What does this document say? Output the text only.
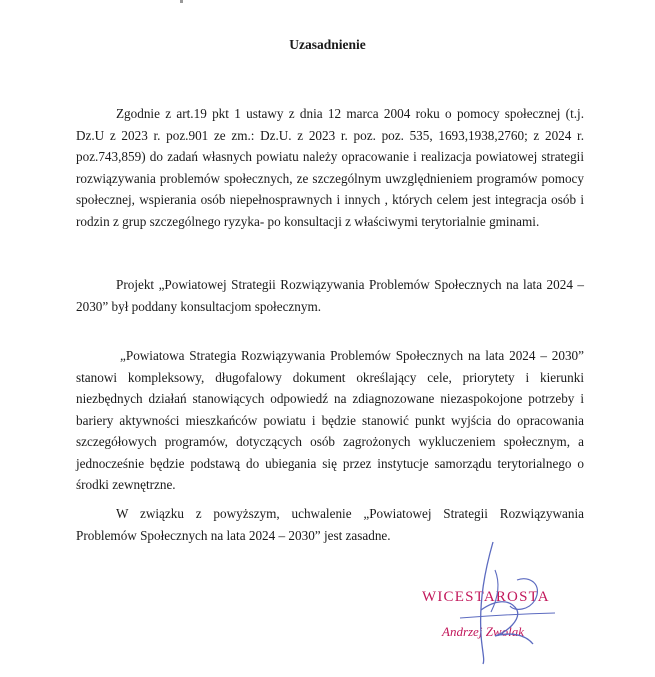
Uzasadnienie

Zgodnie z art.19 pkt 1 ustawy z dnia 12 marca 2004 roku o pomocy społecznej (t.j. Dz.U z 2023 r. poz.901 ze zm.: Dz.U. z 2023 r. poz. poz. 535, 1693,1938,2760; z 2024 r. poz.743,859) do zadań własnych powiatu należy opracowanie i realizacja powiatowej strategii rozwiązywania problemów społecznych, ze szczególnym uwzględnieniem programów pomocy społecznej, wspierania osób niepełnosprawnych i innych , których celem jest integracja osób i rodzin z grup szczególnego ryzyka- po konsultacji z właściwymi terytorialnie gminami.

Projekt „Powiatowej Strategii Rozwiązywania Problemów Społecznych na lata 2024 – 2030” był poddany konsultacjom społecznym.

„Powiatowa Strategia Rozwiązywania Problemów Społecznych na lata 2024 – 2030” stanowi kompleksowy, długofalowy dokument określający cele, priorytety i kierunki niezbędnych działań stanowiących odpowiedź na zdiagnozowane niezaspokojone potrzeby i bariery aktywności mieszkańców powiatu i będzie stanowić punkt wyjścia do opracowania szczegółowych programów, dotyczących osób zagrożonych wykluczeniem społecznym, a jednocześnie będzie podstawą do ubiegania się przez instytucje samorządu terytorialnego o środki zewnętrzne.

W związku z powyższym, uchwalenie „Powiatowej Strategii Rozwiązywania Problemów Społecznych na lata 2024 – 2030” jest zasadne.

WICESTAROSTA
Andrzej Zwolak
